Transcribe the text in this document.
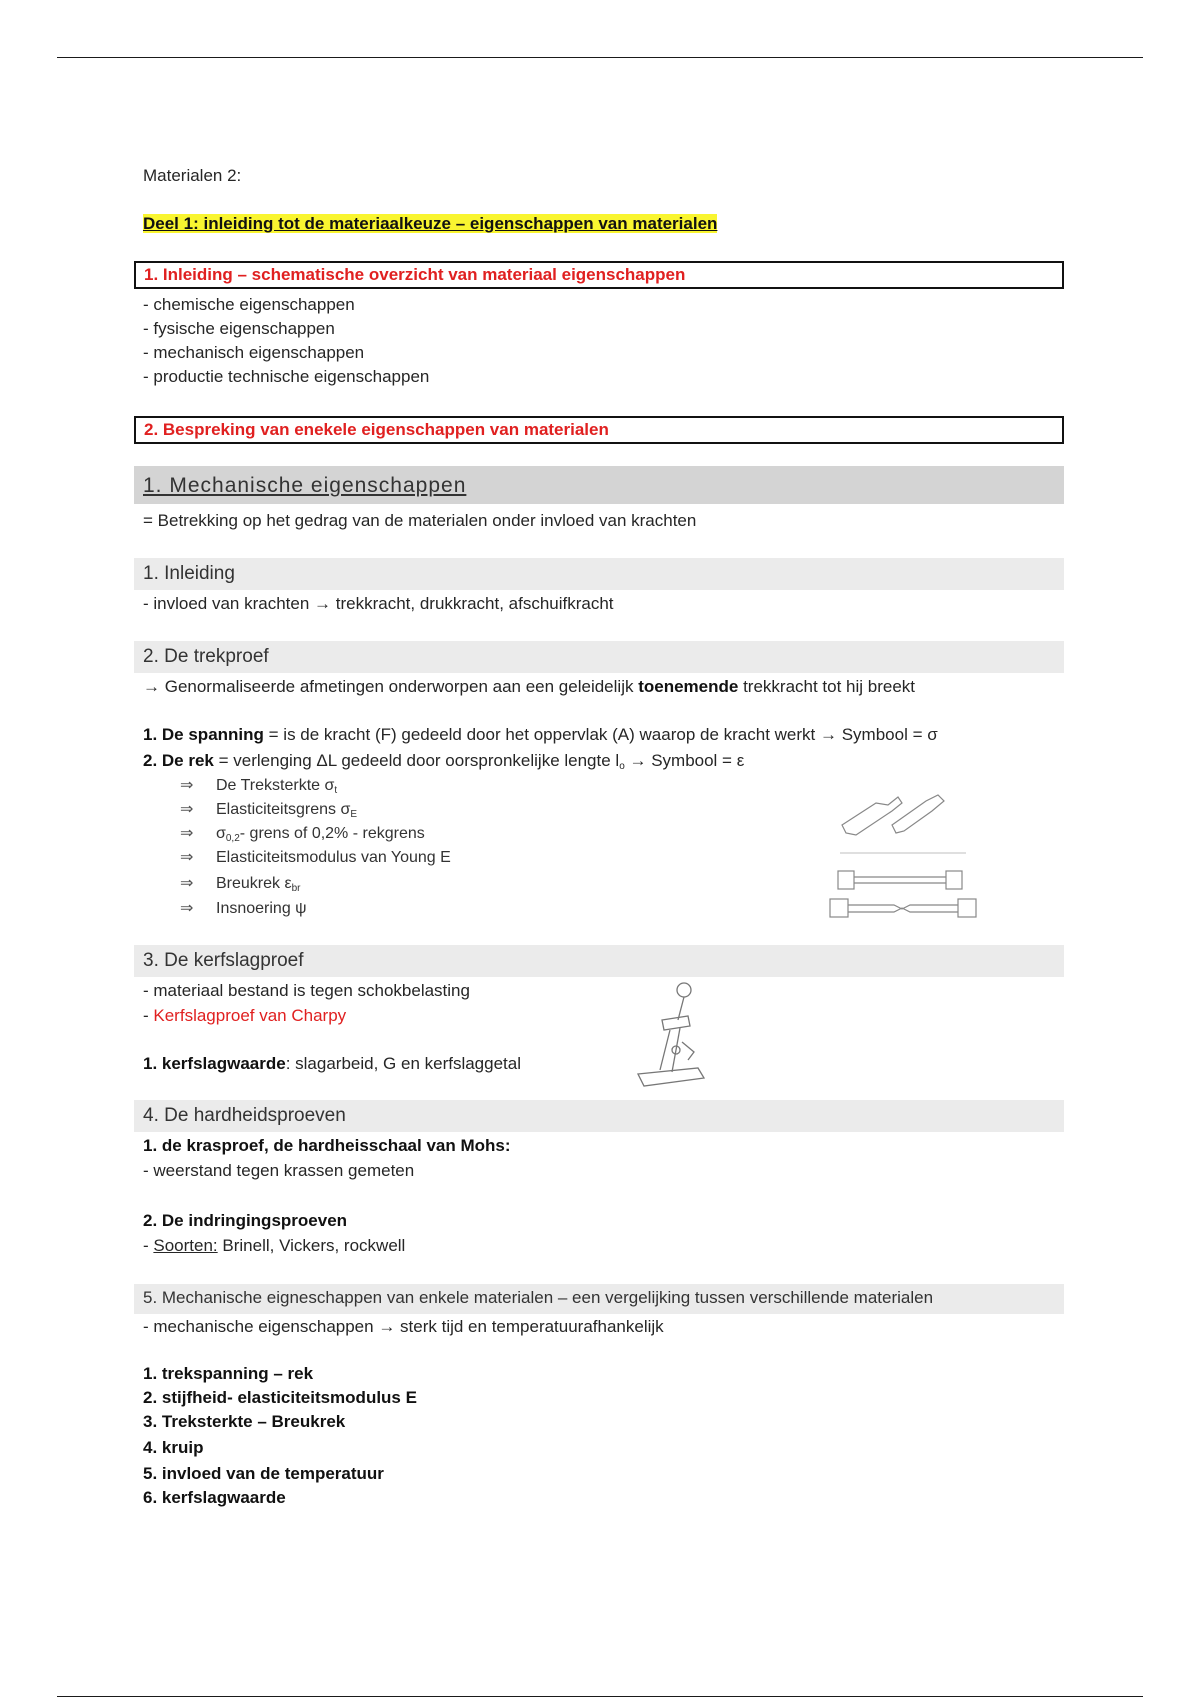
Materialen 2:
Deel 1: inleiding tot de materiaalkeuze – eigenschappen van materialen
1. Inleiding – schematische overzicht van materiaal eigenschappen
- chemische eigenschappen
- fysische eigenschappen
- mechanisch eigenschappen
- productie technische eigenschappen
2. Bespreking van enekele eigenschappen van materialen
1. Mechanische eigenschappen
= Betrekking op het gedrag van de materialen onder invloed van krachten
1. Inleiding
- invloed van krachten → trekkracht, drukkracht, afschuifkracht
2. De trekproef
→ Genormaliseerde afmetingen onderworpen aan een geleidelijk toenemende trekkracht tot hij breekt
1. De spanning = is de kracht (F) gedeeld door het oppervlak (A) waarop de kracht werkt → Symbool = σ
2. De rek = verlenging ΔL gedeeld door oorspronkelijke lengte $l_o$ → Symbool = ε
⇒ De Treksterkte $\sigma_t$
⇒ Elasticiteitsgrens $\sigma_E$
⇒ $\sigma_{0,2}-$ grens of 0,2% - rekgrens
⇒ Elasticiteitsmodulus van Young E
⇒ Breukrek $\varepsilon_{br}$
⇒ Insnoering ψ
3. De kerfslagproef
- materiaal bestand is tegen schokbelasting
- Kerfslagproef van Charpy
1. kerfslagwaarde: slagarbeid, G en kerfslaggetal
4. De hardheidsproeven
1. de krasproef, de hardheisschaal van Mohs:
- weerstand tegen krassen gemeten
2. De indringingsproeven
- Soorten: Brinell, Vickers, rockwell
5. Mechanische eigneschappen van enkele materialen – een vergelijking tussen verschillende materialen
- mechanische eigenschappen → sterk tijd en temperatuurafhankelijk
1. trekspanning – rek
2. stijfheid- elasticiteitsmodulus E
3. Treksterkte – Breukrek
4. kruip
5. invloed van de temperatuur
6. kerfslagwaarde
